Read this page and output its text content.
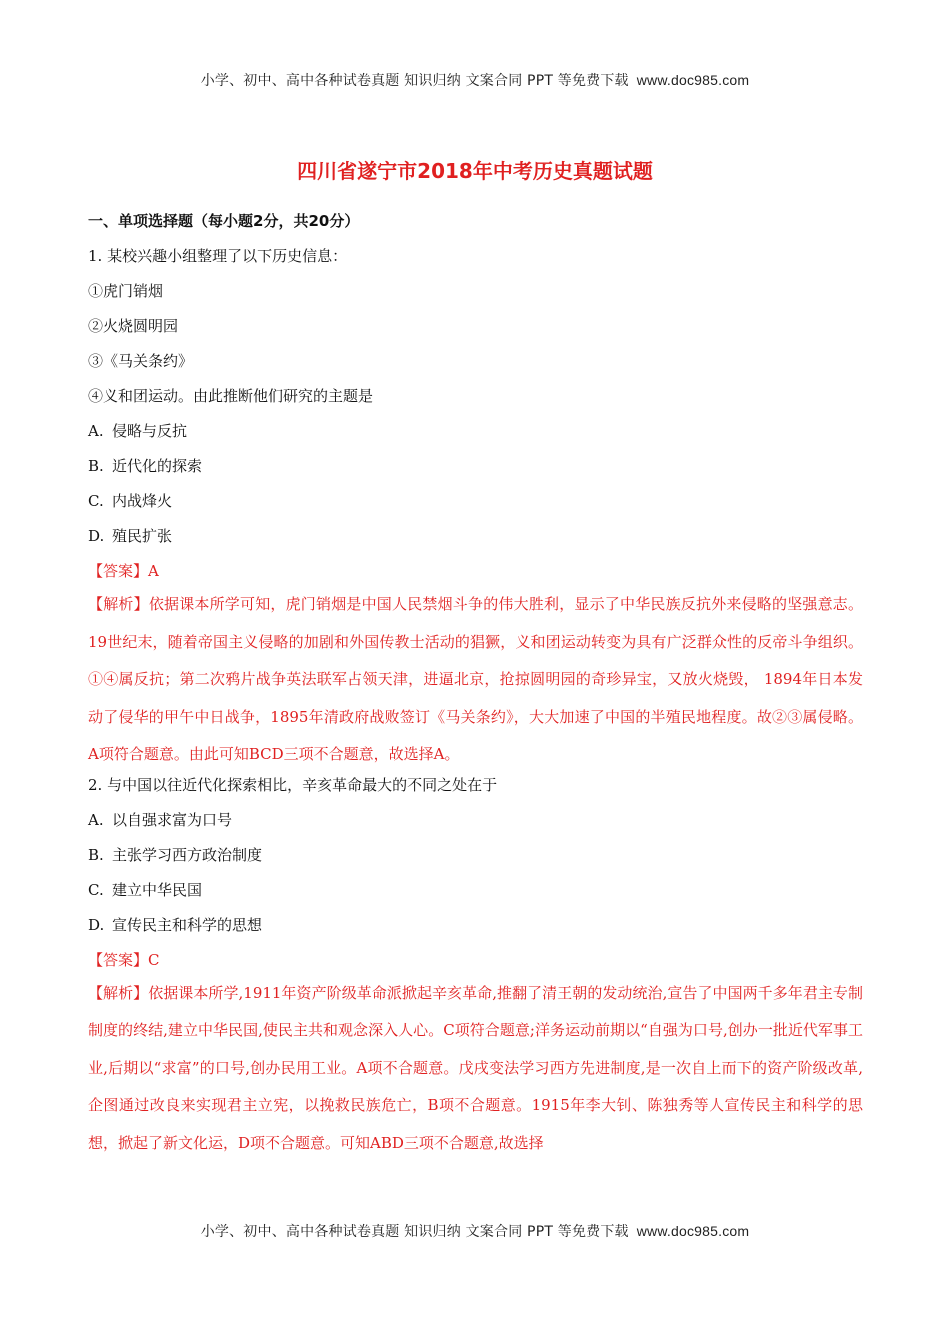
小学、初中、高中各种试卷真题 知识归纳 文案合同 PPT 等免费下载 www.doc985.com
四川省遂宁市2018年中考历史真题试题
一、单项选择题（每小题2分，共20分）
1. 某校兴趣小组整理了以下历史信息：
①虎门销烟
②火烧圆明园
③《马关条约》
④义和团运动。由此推断他们研究的主题是
A. 侵略与反抗
B. 近代化的探索
C. 内战烽火
D. 殖民扩张
【答案】A
【解析】依据课本所学可知，虎门销烟是中国人民禁烟斗争的伟大胜利，显示了中华民族反抗外来侵略的坚强意志。19世纪末，随着帝国主义侵略的加剧和外国传教士活动的猖獗，义和团运动转变为具有广泛群众性的反帝斗争组织。①④属反抗；第二次鸦片战争英法联军占领天津，进逼北京，抢掠圆明园的奇珍异宝，又放火烧毁， 1894年日本发动了侵华的甲午中日战争，1895年清政府战败签订《马关条约》，大大加速了中国的半殖民地程度。故②③属侵略。A项符合题意。由此可知BCD三项不合题意，故选择A。
2. 与中国以往近代化探索相比，辛亥革命最大的不同之处在于
A. 以自强求富为口号
B. 主张学习西方政治制度
C. 建立中华民国
D. 宣传民主和科学的思想
【答案】C
【解析】依据课本所学,1911年资产阶级革命派掀起辛亥革命,推翻了清王朝的发动统治,宣告了中国两千多年君主专制制度的终结,建立中华民国,使民主共和观念深入人心。C项符合题意;洋务运动前期以“自强为口号,创办一批近代军事工业,后期以“求富”的口号,创办民用工业。A项不合题意。戊戌变法学习西方先进制度,是一次自上而下的资产阶级改革,企图通过改良来实现君主立宪，以挽救民族危亡，B项不合题意。1915年李大钊、陈独秀等人宣传民主和科学的思想，掀起了新文化运，D项不合题意。可知ABD三项不合题意,故选择
小学、初中、高中各种试卷真题 知识归纳 文案合同 PPT 等免费下载 www.doc985.com
